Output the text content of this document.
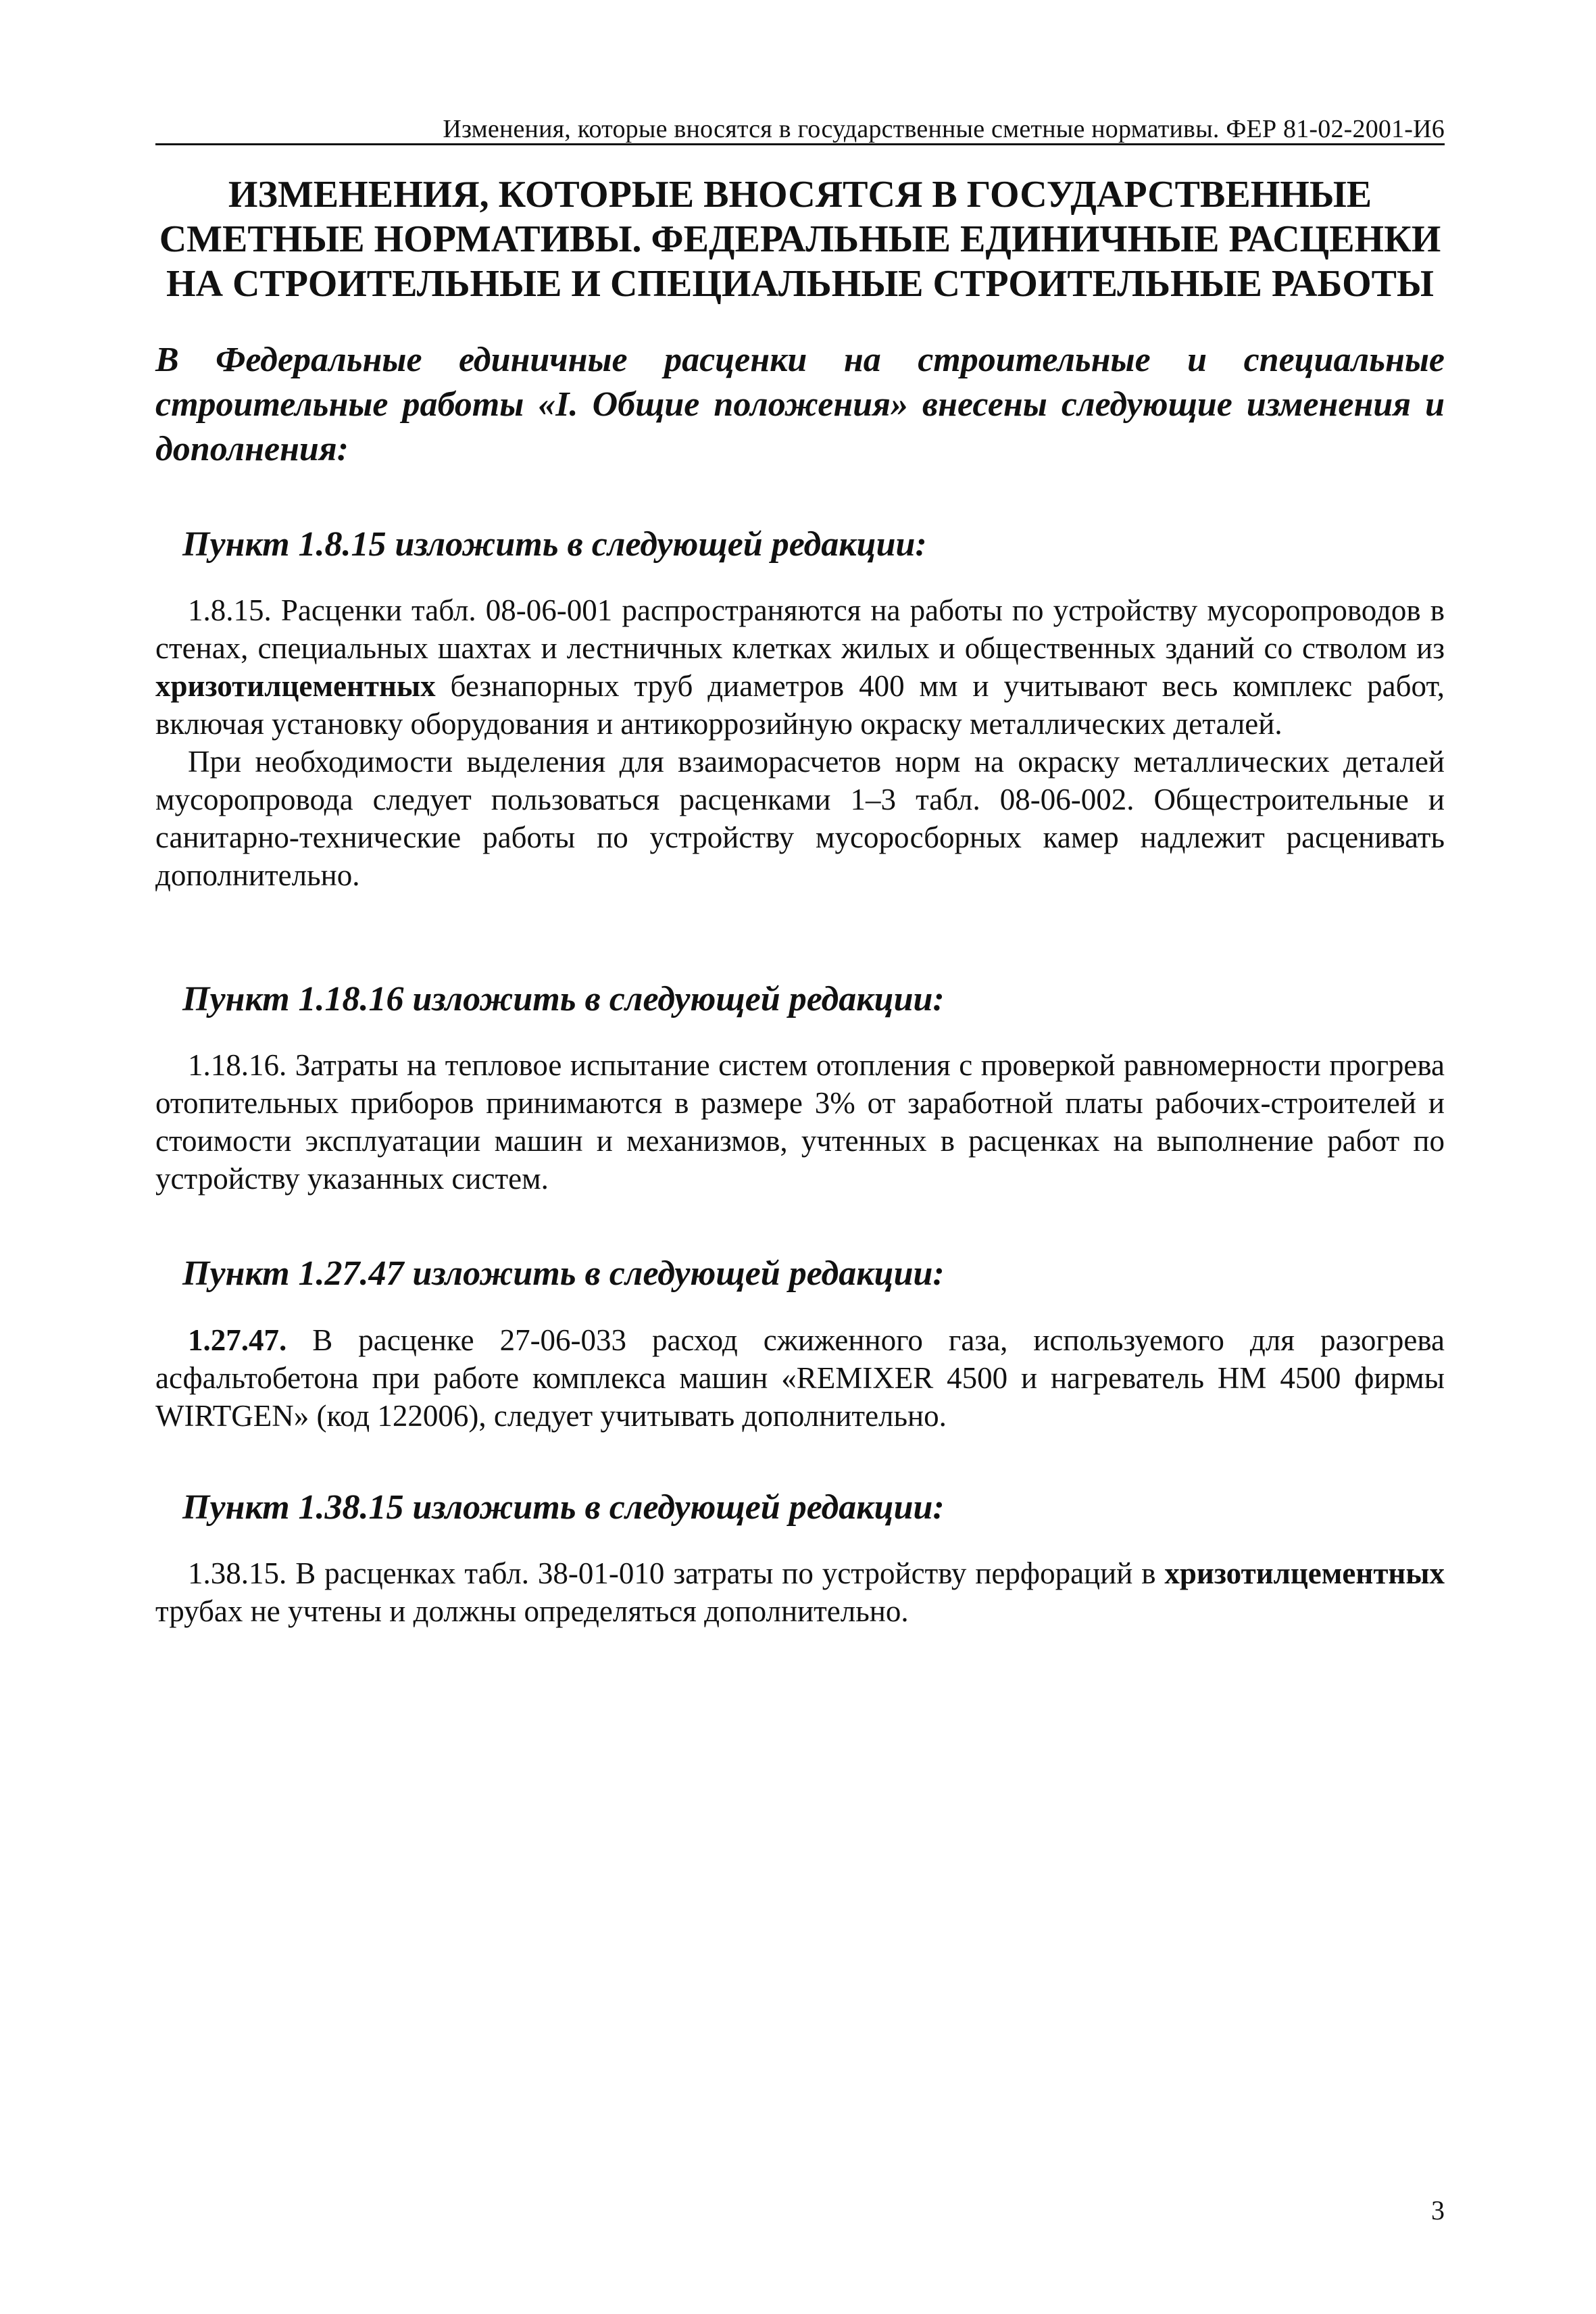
Изменения, которые вносятся в государственные сметные нормативы. ФЕР 81-02-2001-И6
ИЗМЕНЕНИЯ, КОТОРЫЕ ВНОСЯТСЯ В ГОСУДАРСТВЕННЫЕ СМЕТНЫЕ НОРМАТИВЫ. ФЕДЕРАЛЬНЫЕ ЕДИНИЧНЫЕ РАСЦЕНКИ НА СТРОИТЕЛЬНЫЕ И СПЕЦИАЛЬНЫЕ СТРОИТЕЛЬНЫЕ РАБОТЫ

В Федеральные единичные расценки на строительные и специальные строительные работы «I. Общие положения» внесены следующие изменения и дополнения:

Пункт 1.8.15 изложить в следующей редакции:

1.8.15. Расценки табл. 08-06-001 распространяются на работы по устройству мусоропроводов в стенах, специальных шахтах и лестничных клетках жилых и общественных зданий со стволом из хризотилцементных безнапорных труб диаметров 400 мм и учитывают весь комплекс работ, включая установку оборудования и антикоррозийную окраску металлических деталей.

При необходимости выделения для взаиморасчетов норм на окраску металлических деталей мусоропровода следует пользоваться расценками 1–3 табл. 08-06-002. Общестроительные и санитарно-технические работы по устройству мусоросборных камер надлежит расценивать дополнительно.

Пункт 1.18.16 изложить в следующей редакции:

1.18.16. Затраты на тепловое испытание систем отопления с проверкой равномерности прогрева отопительных приборов принимаются в размере 3% от заработной платы рабочих-строителей и стоимости эксплуатации машин и механизмов, учтенных в расценках на выполнение работ по устройству указанных систем.

Пункт 1.27.47 изложить в следующей редакции:

1.27.47. В расценке 27-06-033 расход сжиженного газа, используемого для разогрева асфальтобетона при работе комплекса машин «REMIXER 4500 и нагреватель HM 4500 фирмы WIRTGEN» (код 122006), следует учитывать дополнительно.

Пункт 1.38.15 изложить в следующей редакции:

1.38.15. В расценках табл. 38-01-010 затраты по устройству перфораций в хризотилцементных трубах не учтены и должны определяться дополнительно.

3
